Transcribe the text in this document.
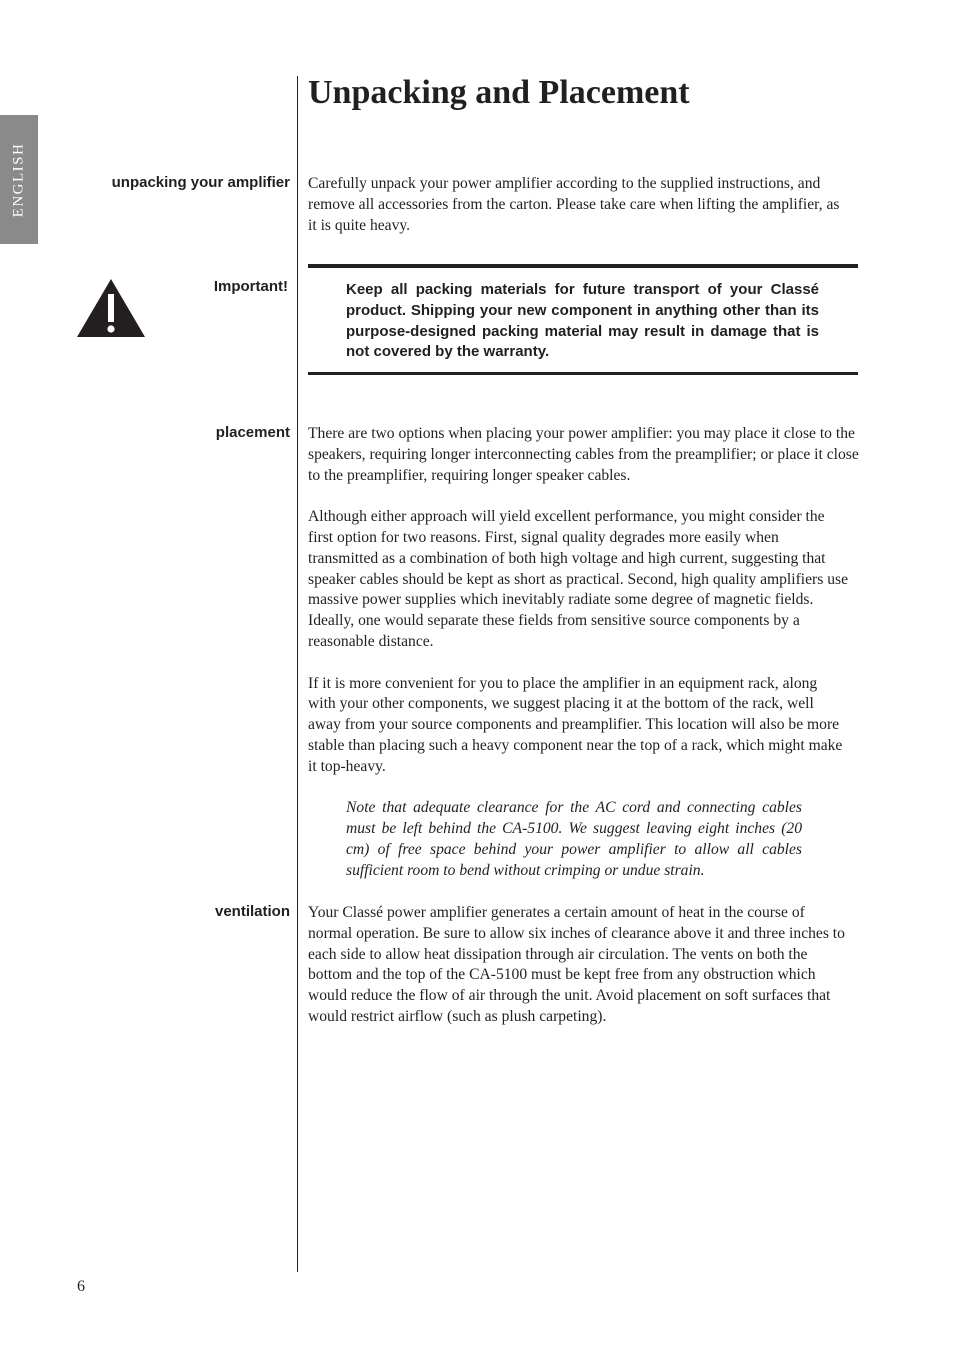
ENGLISH
Unpacking and Placement
unpacking your amplifier Carefully unpack your power amplifier according to the supplied instructions, and remove all accessories from the carton. Please take care when lifting the amplifier, as it is quite heavy.

Important!	Keep all packing materials for future transport of your Classé product. Shipping your new component in anything other than its purpose-designed packing material may result in damage that is not covered by the warranty.
placement There are two options when placing your power amplifier: you may place it close to the speakers, requiring longer interconnecting cables from the preamplifier; or place it close to the preamplifier, requiring longer speaker cables.

Although either approach will yield excellent performance, you might consider the first option for two reasons. First, signal quality degrades more easily when transmitted as a combination of both high voltage and high current, suggesting that speaker cables should be kept as short as practical. Second, high quality amplifiers use massive power supplies which inevitably radiate some degree of magnetic fields. Ideally, one would separate these fields from sensitive source components by a reasonable distance.

If it is more convenient for you to place the amplifier in an equipment rack, along with your other components, we suggest placing it at the bottom of the rack, well away from your source components and preamplifier. This location will also be more stable than placing such a heavy component near the top of a rack, which might make it top-heavy.

Note that adequate clearance for the AC cord and connecting cables must be left behind the CA-5100. We suggest leaving eight inches (20 cm) of free space behind your power amplifier to allow all cables sufficient room to bend without crimping or undue strain.

ventilation Your Classé power amplifier generates a certain amount of heat in the course of normal operation. Be sure to allow six inches of clearance above it and three inches to each side to allow heat dissipation through air circulation. The vents on both the bottom and the top of the CA-5100 must be kept free from any obstruction which would reduce the flow of air through the unit. Avoid placement on soft surfaces that would restrict airflow (such as plush carpeting).

6
